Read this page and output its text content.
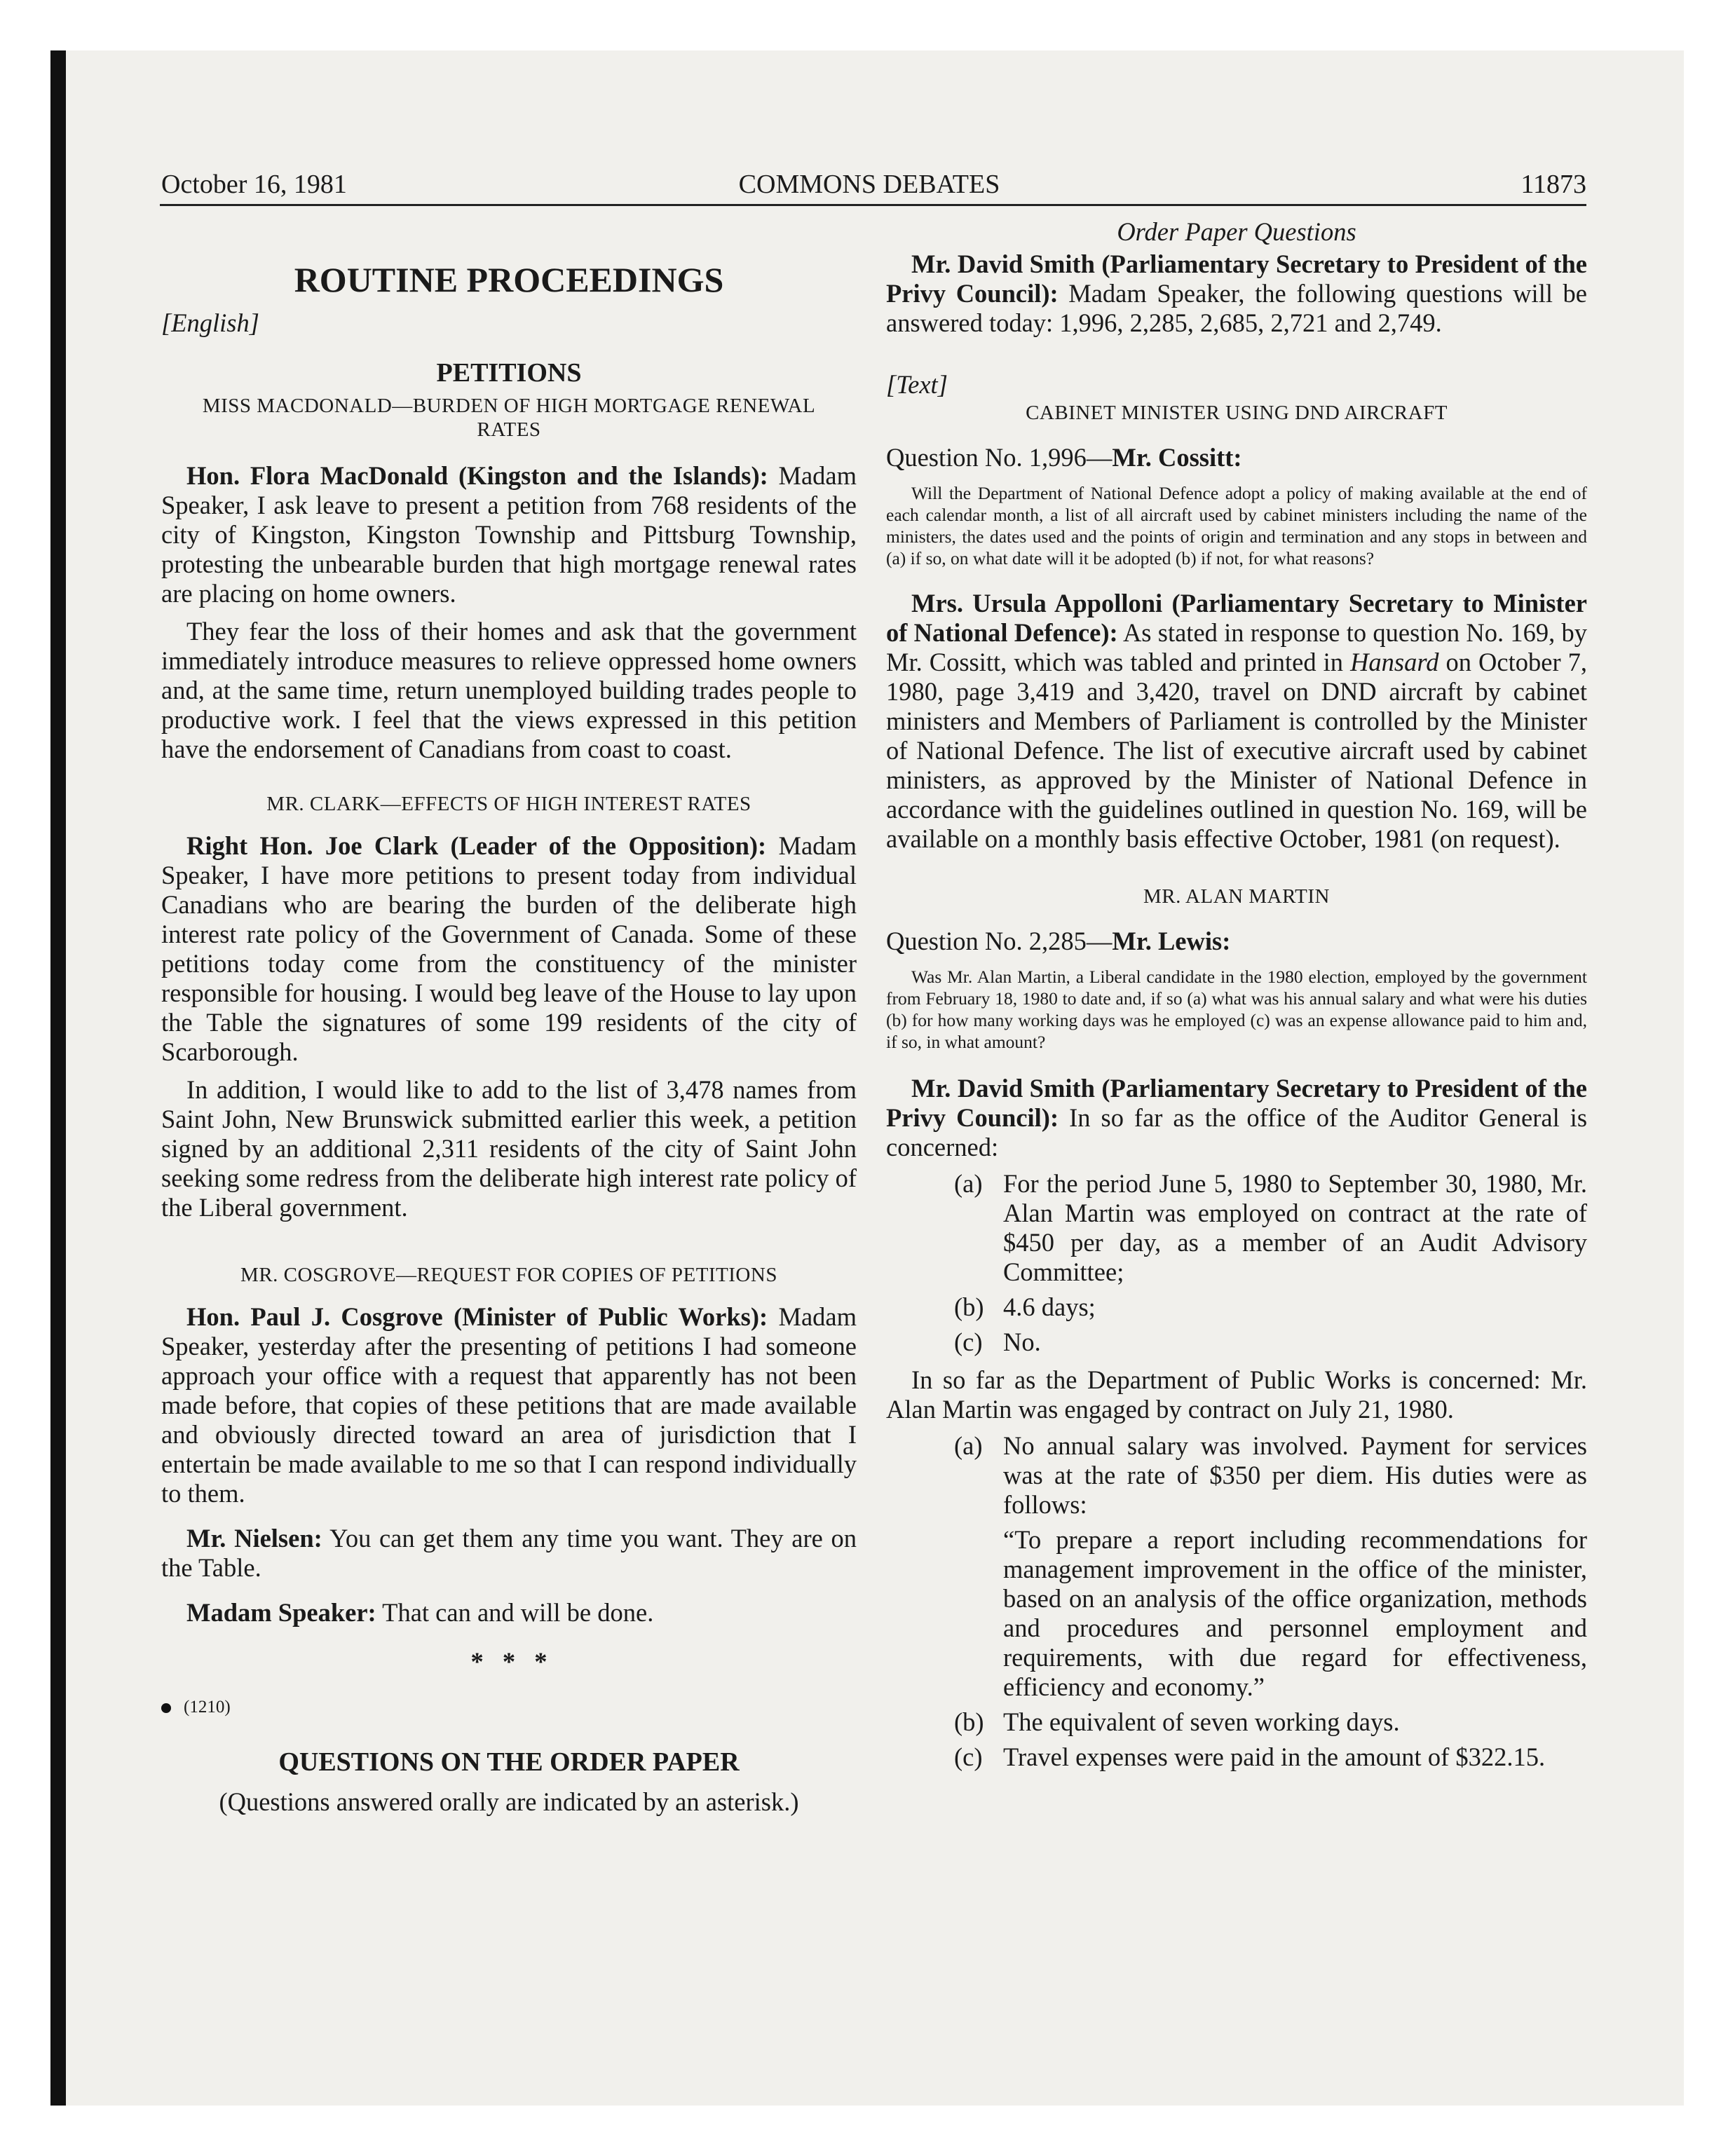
October 16, 1981	COMMONS DEBATES	11873

ROUTINE PROCEEDINGS

[English]

PETITIONS

MISS MACDONALD—BURDEN OF HIGH MORTGAGE RENEWAL RATES

Hon. Flora MacDonald (Kingston and the Islands): Madam Speaker, I ask leave to present a petition from 768 residents of the city of Kingston, Kingston Township and Pittsburg Township, protesting the unbearable burden that high mortgage renewal rates are placing on home owners.

They fear the loss of their homes and ask that the government immediately introduce measures to relieve oppressed home owners and, at the same time, return unemployed building trades people to productive work. I feel that the views expressed in this petition have the endorsement of Canadians from coast to coast.

MR. CLARK—EFFECTS OF HIGH INTEREST RATES

Right Hon. Joe Clark (Leader of the Opposition): Madam Speaker, I have more petitions to present today from individual Canadians who are bearing the burden of the deliberate high interest rate policy of the Government of Canada. Some of these petitions today come from the constituency of the minister responsible for housing. I would beg leave of the House to lay upon the Table the signatures of some 199 residents of the city of Scarborough.

In addition, I would like to add to the list of 3,478 names from Saint John, New Brunswick submitted earlier this week, a petition signed by an additional 2,311 residents of the city of Saint John seeking some redress from the deliberate high interest rate policy of the Liberal government.

MR. COSGROVE—REQUEST FOR COPIES OF PETITIONS

Hon. Paul J. Cosgrove (Minister of Public Works): Madam Speaker, yesterday after the presenting of petitions I had someone approach your office with a request that apparently has not been made before, that copies of these petitions that are made available and obviously directed toward an area of jurisdiction that I entertain be made available to me so that I can respond individually to them.

Mr. Nielsen: You can get them any time you want. They are on the Table.

Madam Speaker: That can and will be done.

* * *

(1210)

QUESTIONS ON THE ORDER PAPER

(Questions answered orally are indicated by an asterisk.)

Order Paper Questions

Mr. David Smith (Parliamentary Secretary to President of the Privy Council): Madam Speaker, the following questions will be answered today: 1,996, 2,285, 2,685, 2,721 and 2,749.

[Text]

CABINET MINISTER USING DND AIRCRAFT

Question No. 1,996—Mr. Cossitt:

Will the Department of National Defence adopt a policy of making available at the end of each calendar month, a list of all aircraft used by cabinet ministers including the name of the ministers, the dates used and the points of origin and termination and any stops in between and (a) if so, on what date will it be adopted (b) if not, for what reasons?

Mrs. Ursula Appolloni (Parliamentary Secretary to Minister of National Defence): As stated in response to question No. 169, by Mr. Cossitt, which was tabled and printed in Hansard on October 7, 1980, page 3,419 and 3,420, travel on DND aircraft by cabinet ministers and Members of Parliament is controlled by the Minister of National Defence. The list of executive aircraft used by cabinet ministers, as approved by the Minister of National Defence in accordance with the guidelines outlined in question No. 169, will be available on a monthly basis effective October, 1981 (on request).

MR. ALAN MARTIN

Question No. 2,285—Mr. Lewis:

Was Mr. Alan Martin, a Liberal candidate in the 1980 election, employed by the government from February 18, 1980 to date and, if so (a) what was his annual salary and what were his duties (b) for how many working days was he employed (c) was an expense allowance paid to him and, if so, in what amount?

Mr. David Smith (Parliamentary Secretary to President of the Privy Council): In so far as the office of the Auditor General is concerned:

(a) For the period June 5, 1980 to September 30, 1980, Mr. Alan Martin was employed on contract at the rate of $450 per day, as a member of an Audit Advisory Committee;
(b) 4.6 days;
(c) No.

In so far as the Department of Public Works is concerned: Mr. Alan Martin was engaged by contract on July 21, 1980.

(a) No annual salary was involved. Payment for services was at the rate of $350 per diem. His duties were as follows:

“To prepare a report including recommendations for management improvement in the office of the minister, based on an analysis of the office organization, methods and procedures and personnel employment and requirements, with due regard for effectiveness, efficiency and economy.”

(b) The equivalent of seven working days.
(c) Travel expenses were paid in the amount of $322.15.
